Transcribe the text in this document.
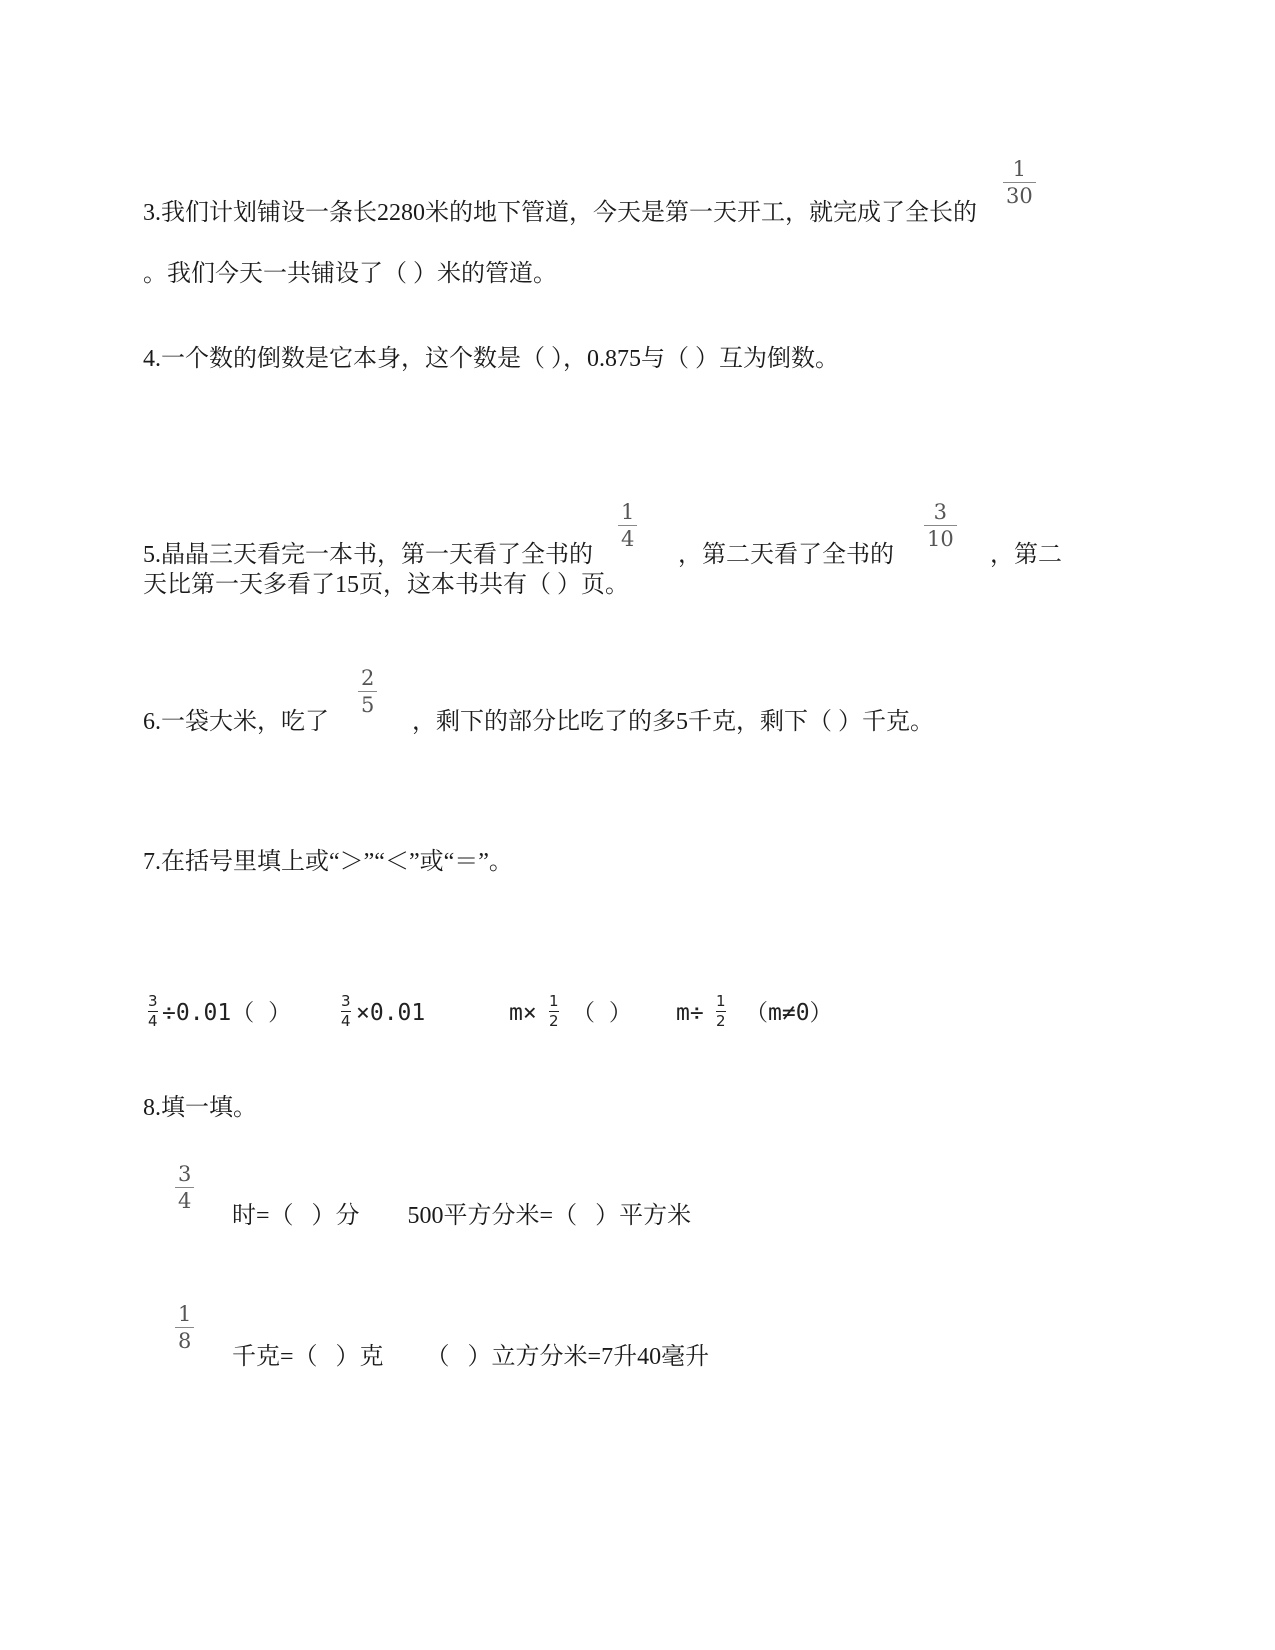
1
30
3.我们计划铺设一条长2280米的地下管道，今天是第一天开工，就完成了全长的
。我们今天一共铺设了（ ）米的管道。
4.一个数的倒数是它本身，这个数是（ ），0.875与（ ）互为倒数。
1
4
3
10
5.晶晶三天看完一本书，第一天看了全书的	，第二天看了全书的	，第二
天比第一天多看了15页，这本书共有（ ）页。
2
5
6.一袋大米，吃了	，剩下的部分比吃了的多5千克，剩下（ ）千克。
7.在括号里填上或“＞”“＜”或“＝”。
3
4 ÷0.01（ ）	3
4 ×0.01	m× 1
2 （ ） m÷ 1
2 （m≠0）
8.填一填。
3
4
时=（   ）分        500平方分米=（   ）平方米
1
8
千克=（   ）克       （   ）立方分米=7升40毫升
